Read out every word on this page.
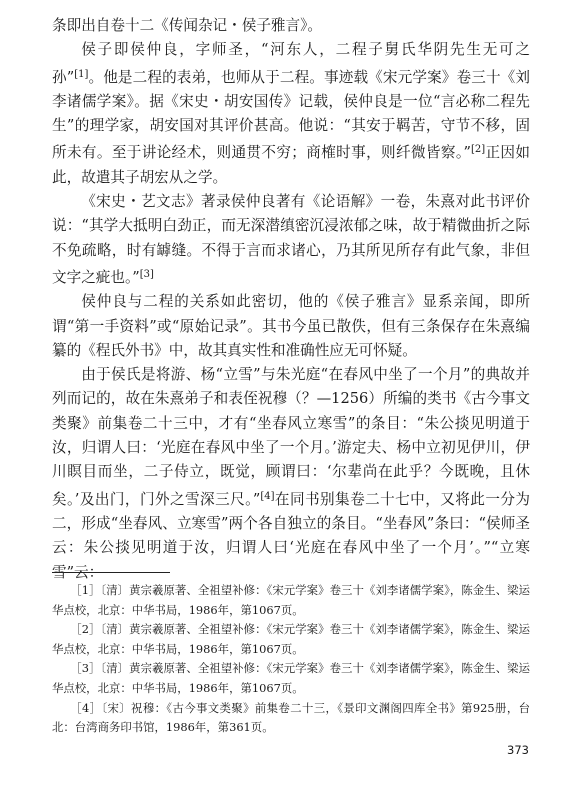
条即出自卷十二《传闻杂记・侯子雅言》。

侯子即侯仲良，字师圣，“河东人，二程子舅氏华阴先生无可之孙”[1]。他是二程的表弟，也师从于二程。事迹载《宋元学案》卷三十《刘李诸儒学案》。据《宋史・胡安国传》记载，侯仲良是一位“言必称二程先生”的理学家，胡安国对其评价甚高。他说：“其安于羁苦，守节不移，固所未有。至于讲论经术，则通贯不穷；商榷时事，则纤微皆察。”[2]正因如此，故遣其子胡宏从之学。

《宋史・艺文志》著录侯仲良著有《论语解》一卷，朱熹对此书评价说：“其学大抵明白劲正，而无深潜缜密沉浸浓郁之味，故于精微曲折之际不免疏略，时有罅缝。不得于言而求诸心，乃其所见所存有此气象，非但文字之疵也。”[3]

侯仲良与二程的关系如此密切，他的《侯子雅言》显系亲闻，即所谓“第一手资料”或“原始记录”。其书今虽已散佚，但有三条保存在朱熹编纂的《程氏外书》中，故其真实性和准确性应无可怀疑。

由于侯氏是将游、杨“立雪”与朱光庭“在春风中坐了一个月”的典故并列而记的，故在朱熹弟子和表侄祝穆（？—1256）所编的类书《古今事文类聚》前集卷二十三中，才有“坐春风立寒雪”的条目：“朱公掞见明道于汝，归谓人曰：‘光庭在春风中坐了一个月。’游定夫、杨中立初见伊川，伊川瞑目而坐，二子侍立，既觉，顾谓曰：‘尔辈尚在此乎？今既晚，且休矣。’及出门，门外之雪深三尺。”[4]在同书别集卷二十七中，又将此一分为二，形成“坐春风、立寒雪”两个各自独立的条目。“坐春风”条曰：“侯师圣云：朱公掞见明道于汝，归谓人曰‘光庭在春风中坐了一个月’。”“立寒雪”云：

［1］〔清〕黄宗羲原著、全祖望补修：《宋元学案》卷三十《刘李诸儒学案》，陈金生、梁运华点校，北京：中华书局，1986年，第1067页。

［2］〔清〕黄宗羲原著、全祖望补修：《宋元学案》卷三十《刘李诸儒学案》，陈金生、梁运华点校，北京：中华书局，1986年，第1067页。

［3］〔清〕黄宗羲原著、全祖望补修：《宋元学案》卷三十《刘李诸儒学案》，陈金生、梁运华点校，北京：中华书局，1986年，第1067页。

［4］〔宋〕祝穆：《古今事文类聚》前集卷二十三，《景印文渊阁四库全书》第925册，台北：台湾商务印书馆，1986年，第361页。

373
